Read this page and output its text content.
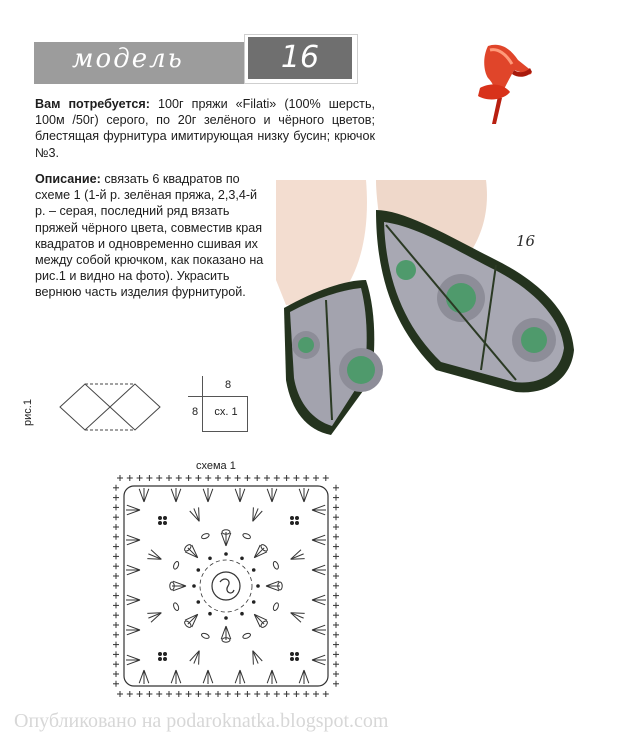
модель	16
Вам потребуется: 100г пряжи «Filati» (100% шерсть, 100м /50г) серого, по 20г зелёного и чёрного цветов; блестящая фурнитура имитирующая низку бусин; крючок №3.
Описание: связать 6 квадратов по схеме 1 (1-й р. зелёная пряжа, 2,3,4-й р. – серая, последний ряд вязать пряжей чёрного цвета, совместив края квадратов и одновременно сшивая их между собой крючком, как показано на рис.1 и видно на фото). Украсить вернюю часть изделия фурнитурой.
16
рис.1
8
8	сх. 1
схема 1
Опубликовано на podaroknatka.blogspot.com
